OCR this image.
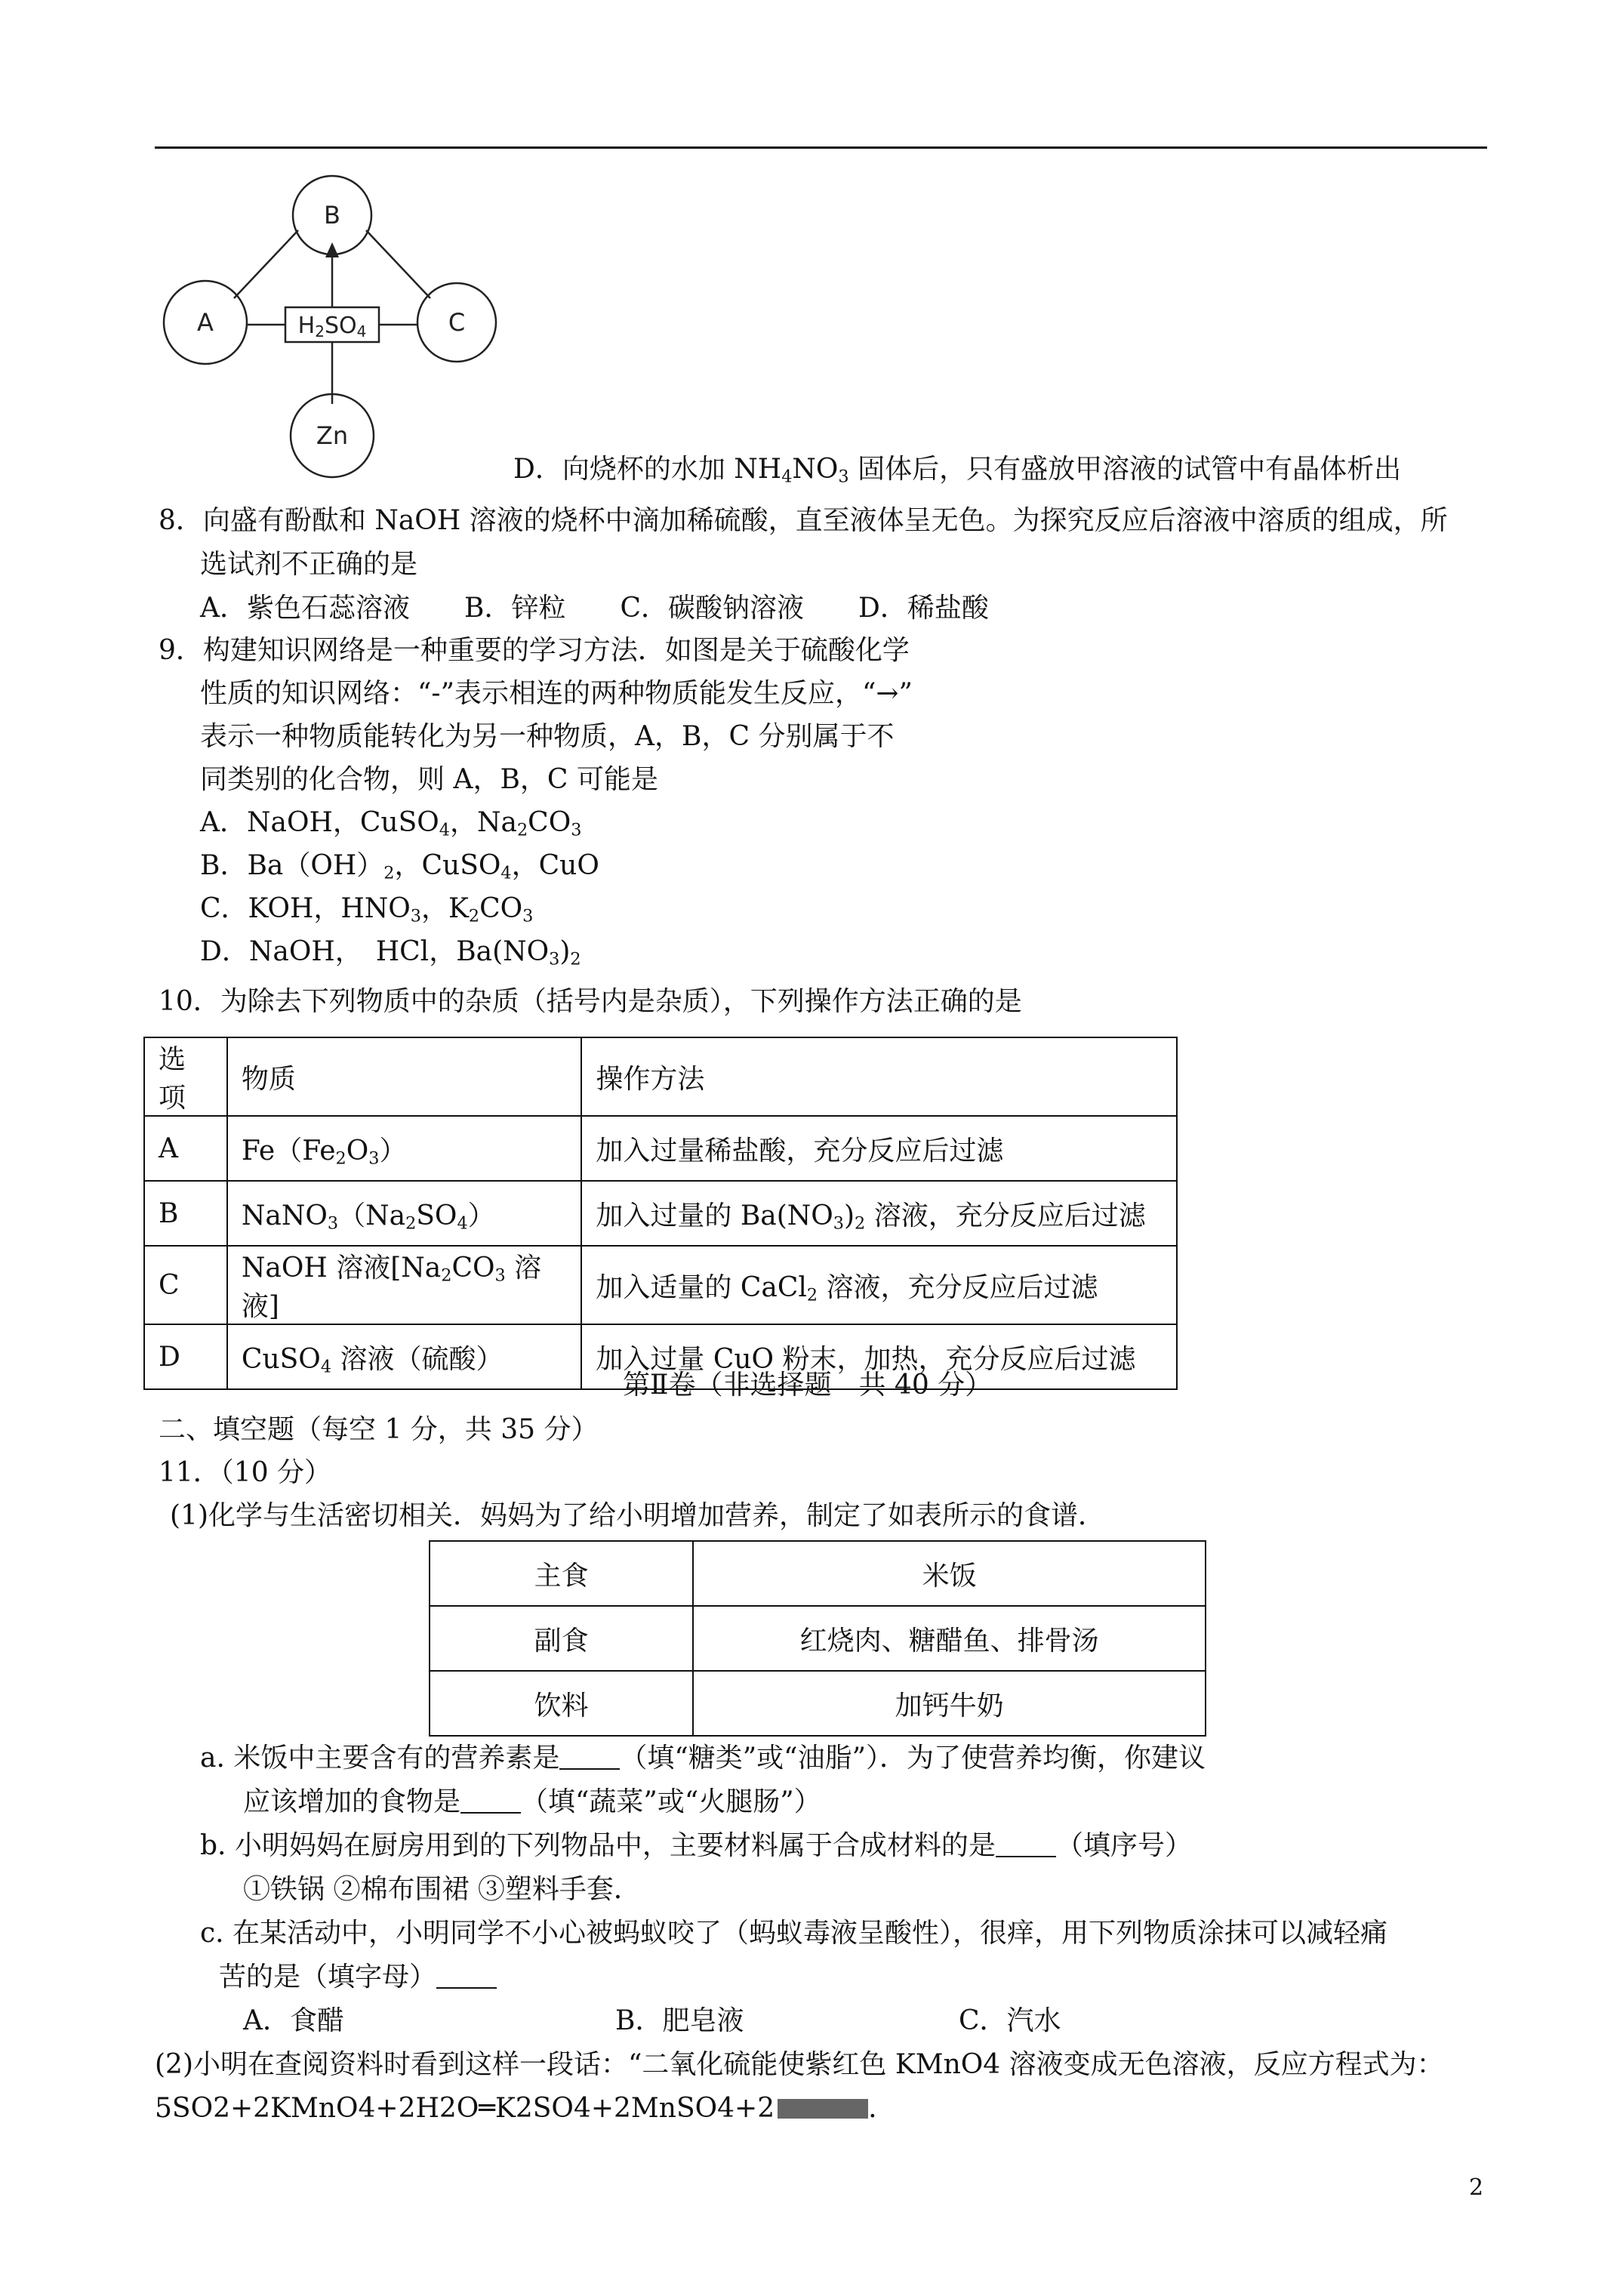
B
A	C
Zn
H2SO4
D．向烧杯的水加 $NH_4NO_3$ 固体后，只有盛放甲溶液的试管中有晶体析出
8．向盛有酚酞和 NaOH 溶液的烧杯中滴加稀硫酸，直至液体呈无色。为探究反应后溶液中溶质的组成，所
选试剂不正确的是
A．紫色石蕊溶液　　B．锌粒　　C．碳酸钠溶液　　D．稀盐酸
9．构建知识网络是一种重要的学习方法．如图是关于硫酸化学
性质的知识网络：“-”表示相连的两种物质能发生反应，“→”
表示一种物质能转化为另一种物质，A，B，C 分别属于不
同类别的化合物，则 A，B，C 可能是
A．NaOH，CuSO$_4$，$Na_2CO_3$
B．$Ba(OH)_2$，CuSO$_4$，CuO
C．KOH，$HNO_3$，$K_2CO_3$
D．NaOH，　HCl，$Ba(NO_3)_2$
10．为除去下列物质中的杂质（括号内是杂质），下列操作方法正确的是
选项	物质	操作方法
A	$Fe(Fe_2O_3)$	加入过量稀盐酸，充分反应后过滤
B	$NaNO_3(Na_2SO_4)$	加入过量的 $Ba(NO_3)_2$ 溶液，充分反应后过滤
C	NaOH 溶液[$Na_2CO_3$ 溶液]	加入适量的 CaCl$_2$ 溶液，充分反应后过滤
D	CuSO$_4$ 溶液（硫酸）	加入过量 CuO 粉末，加热，充分反应后过滤
第Ⅱ卷（非选择题　共 40 分）
二、填空题（每空 1 分，共 35 分）
11．（10 分）
(1)化学与生活密切相关．妈妈为了给小明增加营养，制定了如表所示的食谱．
主食	米饭
副食	红烧肉、糖醋鱼、排骨汤
饮料	加钙牛奶
a. 米饭中主要含有的营养素是 （填“糖类”或“油脂”）．为了使营养均衡，你建议
应该增加的食物是 （填“蔬菜”或“火腿肠”）
b. 小明妈妈在厨房用到的下列物品中，主要材料属于合成材料的是 （填序号）
①铁锅 ②棉布围裙 ③塑料手套．
c. 在某活动中，小明同学不小心被蚂蚁咬了（蚂蚁毒液呈酸性），很痒，用下列物质涂抹可以减轻痛
苦的是（填字母）
A．食醋	B．肥皂液	C．汽水
(2)小明在查阅资料时看到这样一段话：“二氧化硫能使紫红色 KMnO4 溶液变成无色溶液，反应方程式为：
5SO2+2KMnO4+2H2O═K2SO4+2MnSO4+2	.
2
